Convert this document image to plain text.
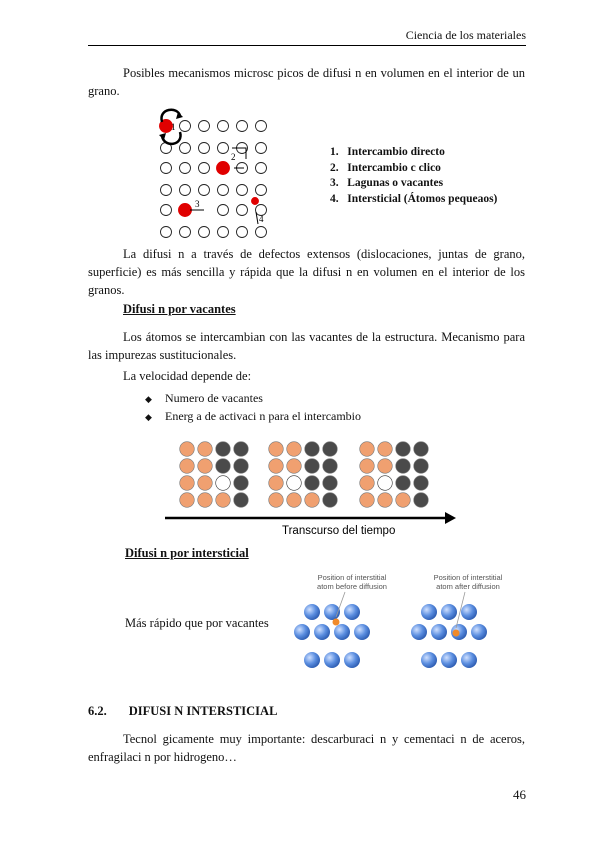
Ciencia de los materiales
Posibles mecanismos microsc picos de difusi n en volumen en el interior de un grano.
1
2
3
4
1.   Intercambio directo
2.   Intercambio c clico
3.   Lagunas o vacantes
4.   Intersticial (Átomos pequeaos)
La difusi n a través de defectos extensos (dislocaciones, juntas de grano, superficie) es más sencilla y rápida que la difusi n en volumen en el interior de los granos.
Difusi n por vacantes
Los átomos se intercambian con las vacantes de la estructura. Mecanismo para las impurezas sustitucionales.
La velocidad depende de:
◆ Numero de vacantes
◆ Energ a de activaci n para el intercambio
Transcurso del tiempo
Difusi n por intersticial
Más rápido que por vacantes
Position of interstitial
atom before diffusion
Position of interstitial
atom after diffusion
6.2. DIFUSI N INTERSTICIAL
Tecnol gicamente muy importante: descarburaci n y cementaci n de aceros, enfragilaci n por hidrogeno…
46
